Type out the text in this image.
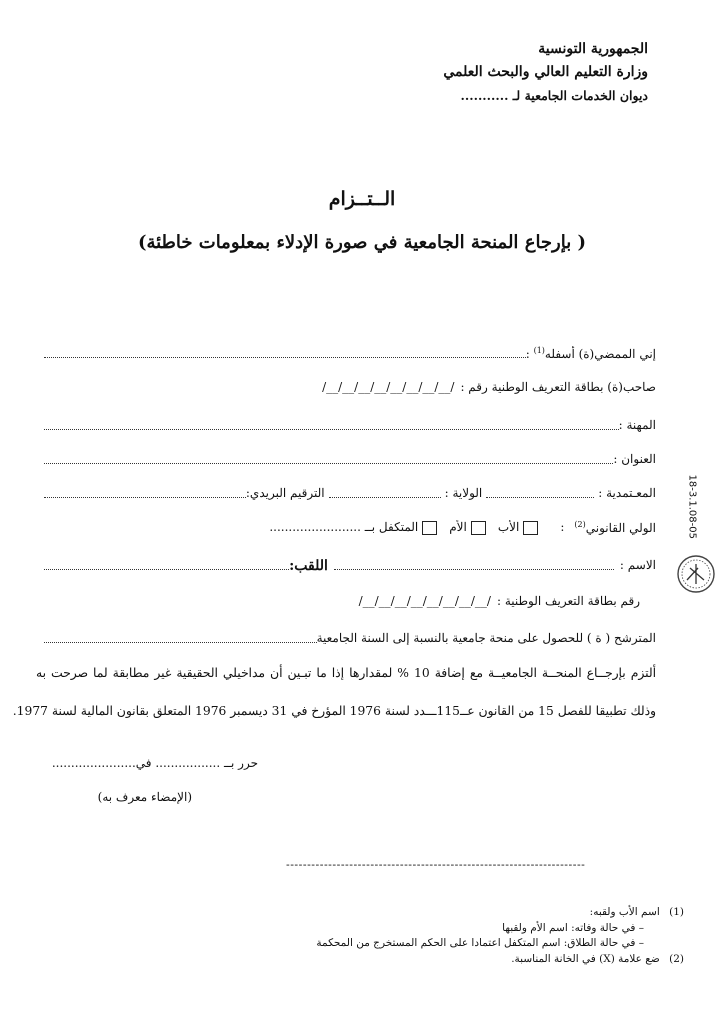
الجمهورية التونسية
وزارة التعليم العالي والبحث العلمي
ديوان الخدمات الجامعية لـ ...........
الــتــزام
( بإرجاع المنحة الجامعية في صورة الإدلاء بمعلومات خاطئة)
إني الممضي(ة) أسفله$^{(1)}$ :
صاحب(ة) بطاقة التعريف الوطنية رقم :
/__/__/__/__/__/__/__/__/
المهنة :
العنوان :
المعـتمدية :
الولاية :
الترقيم البريدي:
الولي القانوني$^{(2)}$
:
الأب
الأم
المتكفل بــ ........................
الاسم :
اللقب:
رقم بطاقة التعريف الوطنية :
/__/__/__/__/__/__/__/__/
المترشح ( ة ) للحصول على منحة جامعية بالنسبة إلى السنة الجامعية
ألتزم بإرجــاع المنحــة الجامعيــة مع إضافة 10 % لمقدارها إذا ما تبـين أن مداخيلي الحقيقية غير مطابقة لما صرحت به
وذلك تطبيقا للفصل 15 من القانون عــ115ـــدد لسنة 1976 المؤرخ في 31 ديسمبر 1976 المتعلق بقانون المالية لسنة 1977.
حرر بــ ................. في......................
(الإمضاء معرف به)
18-3.1.08-05
-----------------------------------------------------------------------
(1) اسم الأب ولقبه:
– في حالة وفاته: اسم الأم ولقبها
– في حالة الطلاق: اسم المتكفل اعتمادا على الحكم المستخرج من المحكمة
(2) ضع علامة (X) في الخانة المناسبة.
